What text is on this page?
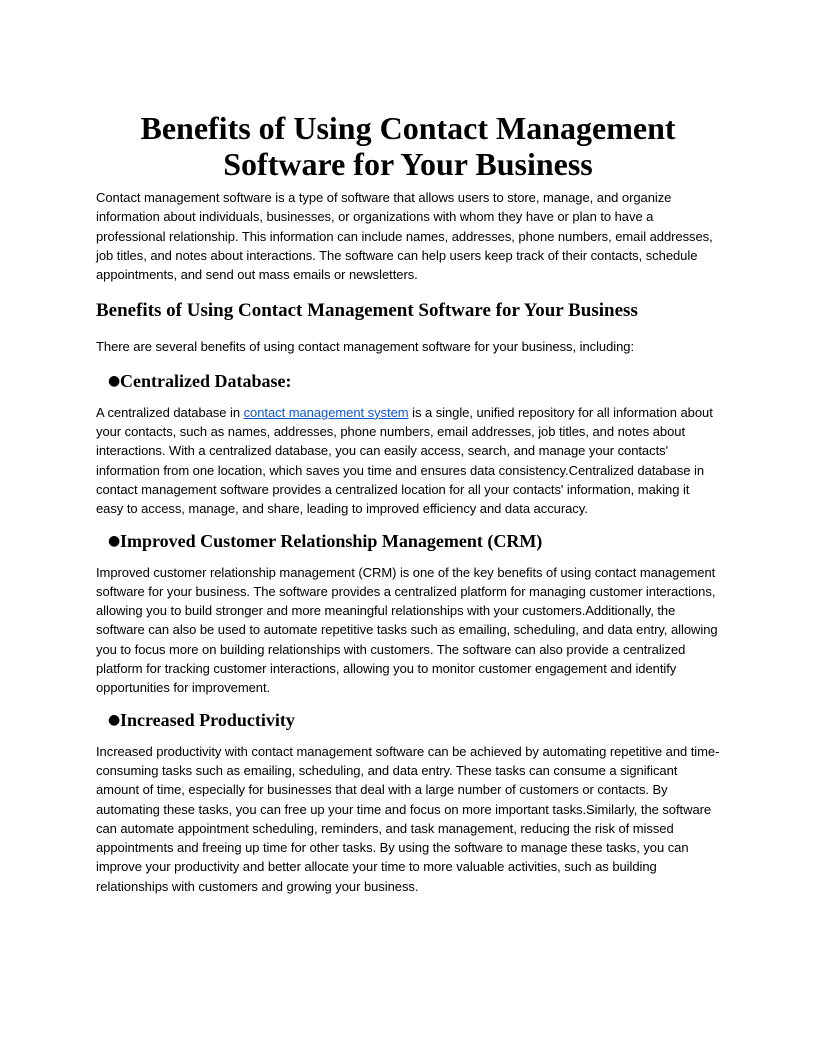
Benefits of Using Contact Management Software for Your Business

Contact management software is a type of software that allows users to store, manage, and organize information about individuals, businesses, or organizations with whom they have or plan to have a professional relationship. This information can include names, addresses, phone numbers, email addresses, job titles, and notes about interactions. The software can help users keep track of their contacts, schedule appointments, and send out mass emails or newsletters.

Benefits of Using Contact Management Software for Your Business

There are several benefits of using contact management software for your business, including:

● Centralized Database:

A centralized database in contact management system is a single, unified repository for all information about your contacts, such as names, addresses, phone numbers, email addresses, job titles, and notes about interactions. With a centralized database, you can easily access, search, and manage your contacts' information from one location, which saves you time and ensures data consistency.Centralized database in contact management software provides a centralized location for all your contacts' information, making it easy to access, manage, and share, leading to improved efficiency and data accuracy.

● Improved Customer Relationship Management (CRM)

Improved customer relationship management (CRM) is one of the key benefits of using contact management software for your business. The software provides a centralized platform for managing customer interactions, allowing you to build stronger and more meaningful relationships with your customers.Additionally, the software can also be used to automate repetitive tasks such as emailing, scheduling, and data entry, allowing you to focus more on building relationships with customers. The software can also provide a centralized platform for tracking customer interactions, allowing you to monitor customer engagement and identify opportunities for improvement.

● Increased Productivity

Increased productivity with contact management software can be achieved by automating repetitive and time-consuming tasks such as emailing, scheduling, and data entry. These tasks can consume a significant amount of time, especially for businesses that deal with a large number of customers or contacts. By automating these tasks, you can free up your time and focus on more important tasks.Similarly, the software can automate appointment scheduling, reminders, and task management, reducing the risk of missed appointments and freeing up time for other tasks. By using the software to manage these tasks, you can improve your productivity and better allocate your time to more valuable activities, such as building relationships with customers and growing your business.
